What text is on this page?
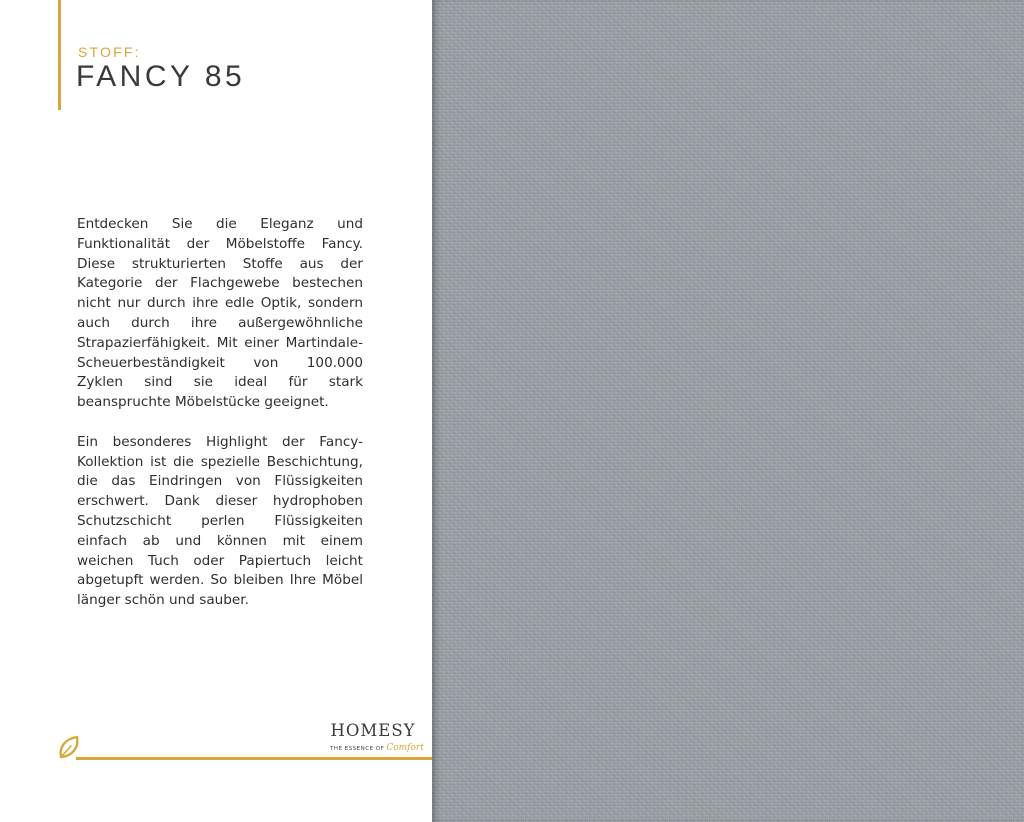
STOFF:
FANCY 85

Entdecken Sie die Eleganz und Funktionalität der Möbelstoffe Fancy. Diese strukturierten Stoffe aus der Kategorie der Flachgewebe bestechen nicht nur durch ihre edle Optik, sondern auch durch ihre außergewöhnliche Strapazierfähigkeit. Mit einer Martindale-Scheuerbeständigkeit von 100.000 Zyklen sind sie ideal für stark beanspruchte Möbelstücke geeignet.

Ein besonderes Highlight der Fancy-Kollektion ist die spezielle Beschichtung, die das Eindringen von Flüssigkeiten erschwert. Dank dieser hydrophoben Schutzschicht perlen Flüssigkeiten einfach ab und können mit einem weichen Tuch oder Papiertuch leicht abgetupft werden. So bleiben Ihre Möbel länger schön und sauber.

HOMESY
THE ESSENCE OF Comfort
